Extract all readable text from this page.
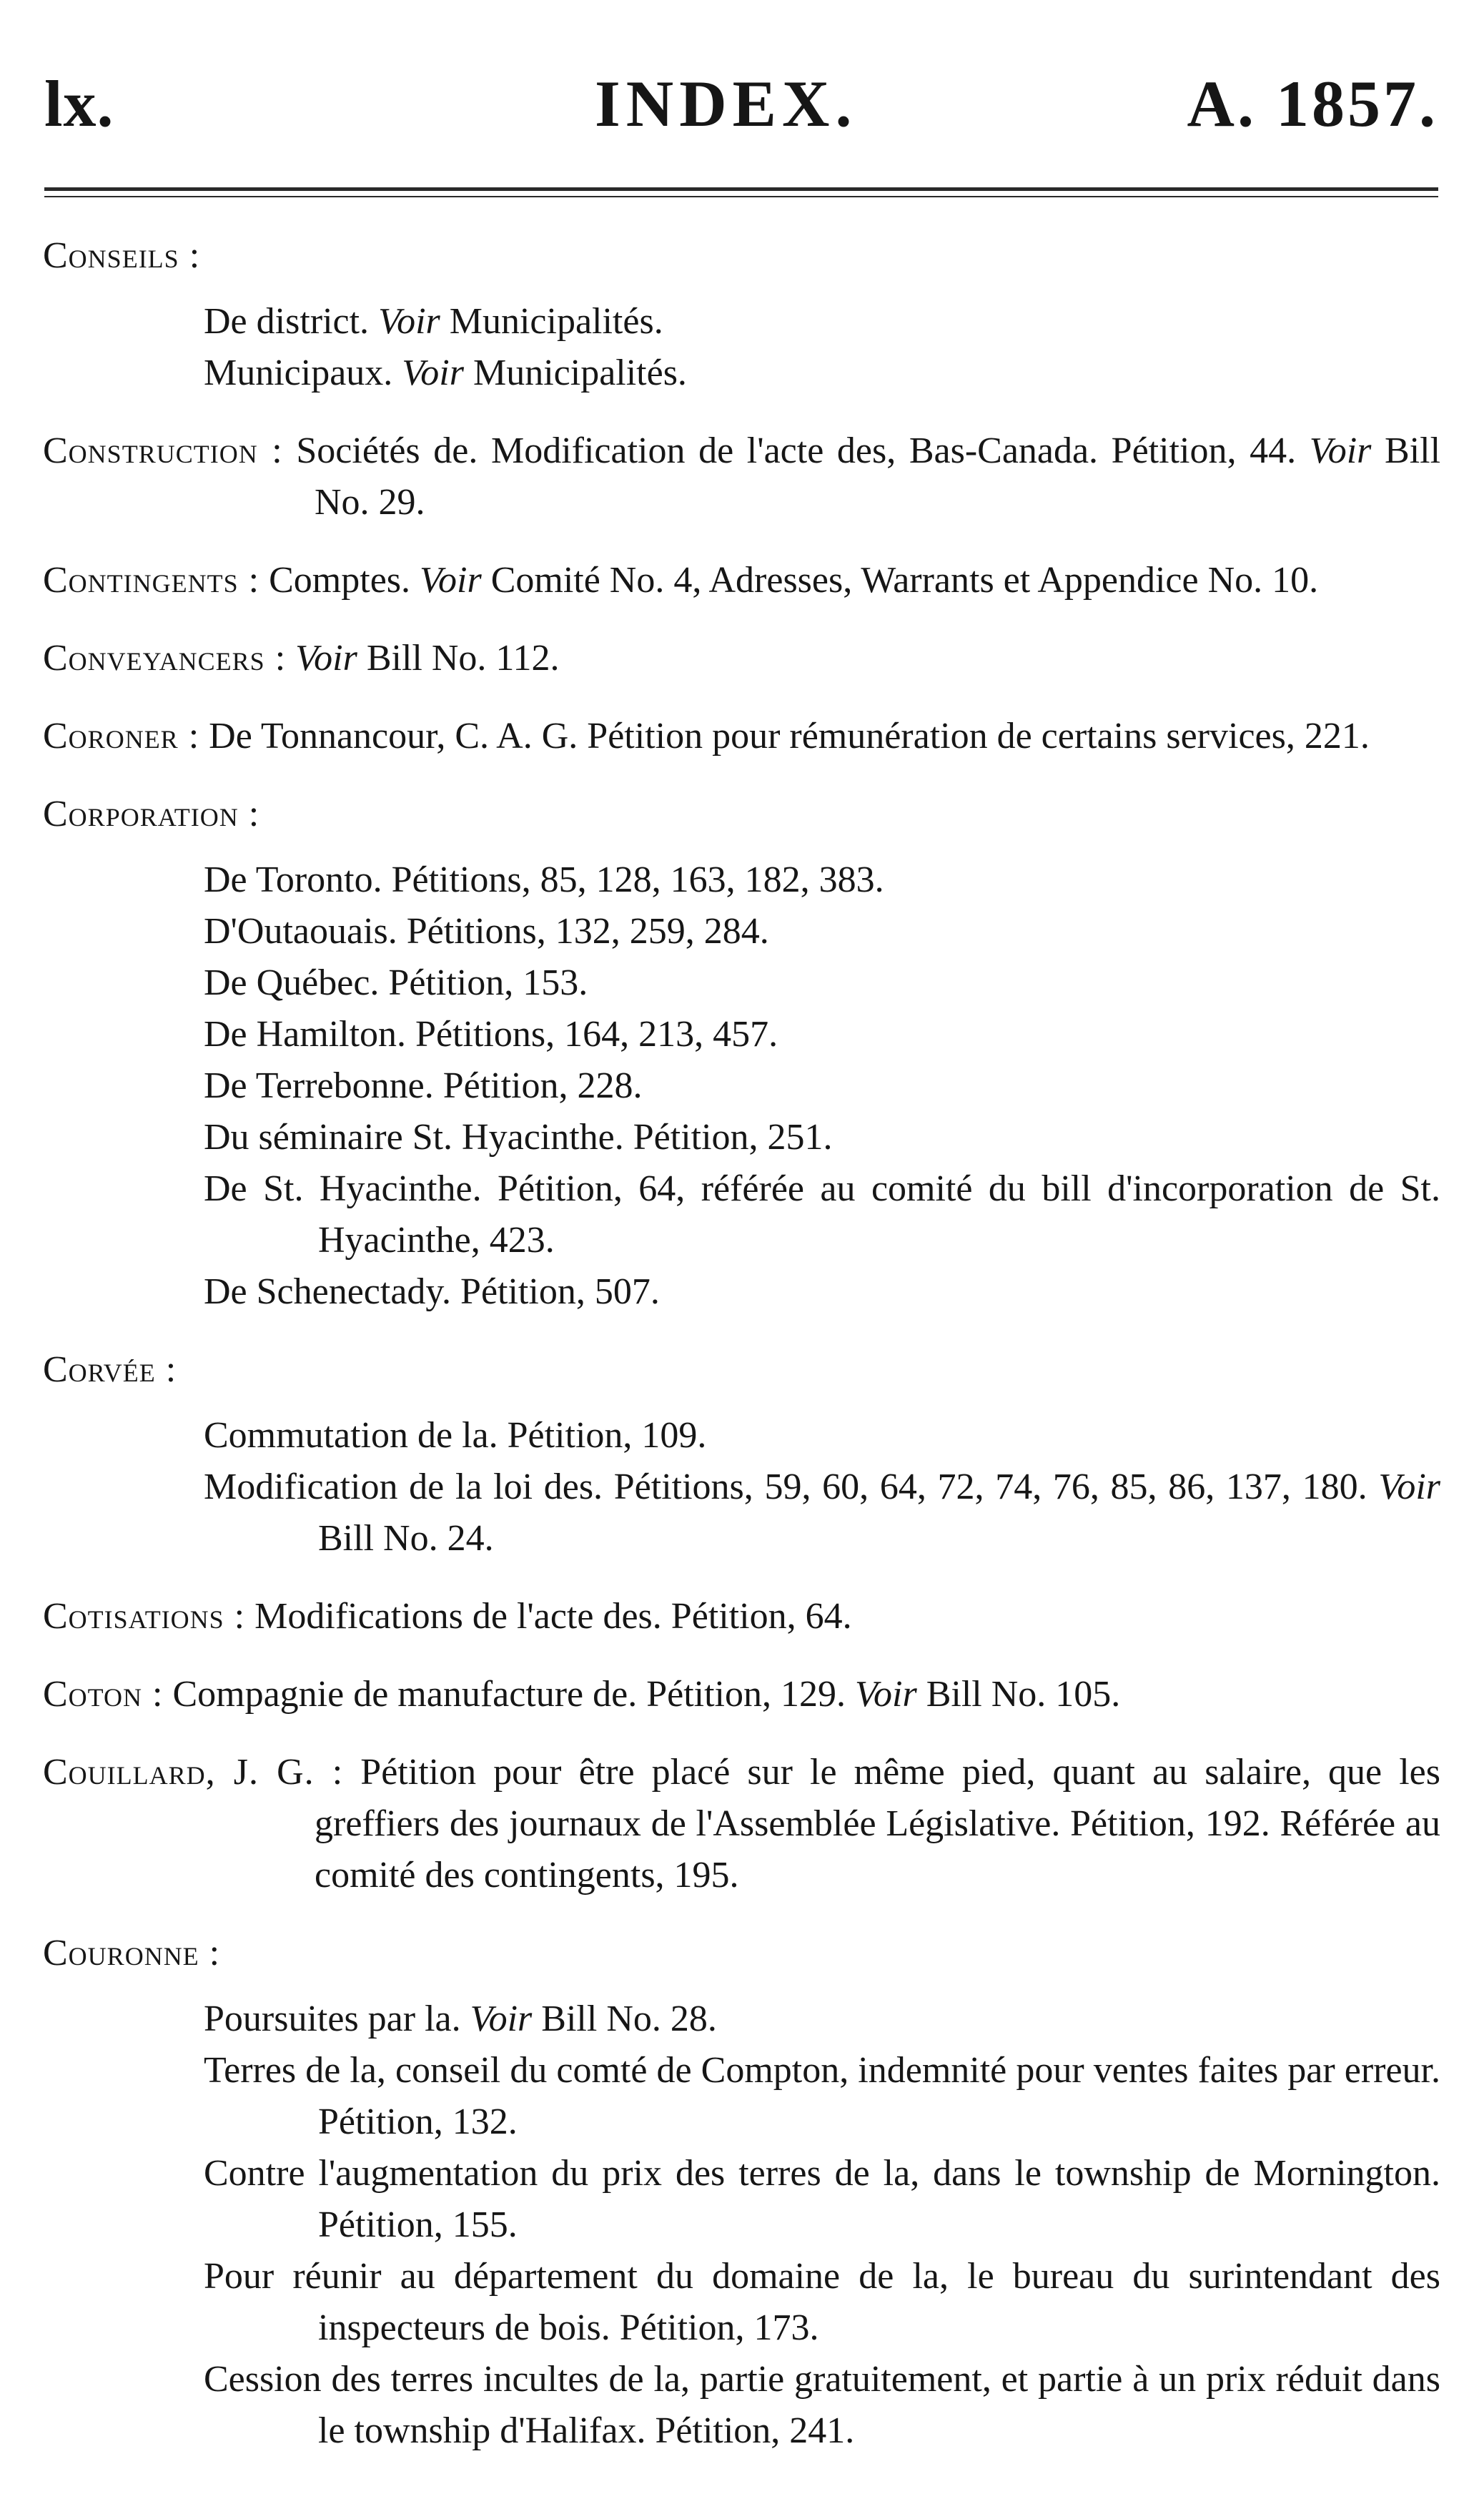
lx.	INDEX.	A. 1857.
Conseils :
De district. Voir Municipalités.
Municipaux. Voir Municipalités.
Construction : Sociétés de. Modification de l'acte des, Bas-Canada. Pétition, 44. Voir Bill No. 29.
Contingents : Comptes. Voir Comité No. 4, Adresses, Warrants et Appendice No. 10.
Conveyancers : Voir Bill No. 112.
Coroner : De Tonnancour, C. A. G. Pétition pour rémunération de certains services, 221.
Corporation :
De Toronto. Pétitions, 85, 128, 163, 182, 383.
D'Outaouais. Pétitions, 132, 259, 284.
De Québec. Pétition, 153.
De Hamilton. Pétitions, 164, 213, 457.
De Terrebonne. Pétition, 228.
Du séminaire St. Hyacinthe. Pétition, 251.
De St. Hyacinthe. Pétition, 64, référée au comité du bill d'incorporation de St. Hyacinthe, 423.
De Schenectady. Pétition, 507.
Corvée :
Commutation de la. Pétition, 109.
Modification de la loi des. Pétitions, 59, 60, 64, 72, 74, 76, 85, 86, 137, 180. Voir Bill No. 24.
Cotisations : Modifications de l'acte des. Pétition, 64.
Coton : Compagnie de manufacture de. Pétition, 129. Voir Bill No. 105.
Couillard, J. G. : Pétition pour être placé sur le même pied, quant au salaire, que les greffiers des journaux de l'Assemblée Législative. Pétition, 192. Référée au comité des contingents, 195.
Couronne :
Poursuites par la. Voir Bill No. 28.
Terres de la, conseil du comté de Compton, indemnité pour ventes faites par erreur. Pétition, 132.
Contre l'augmentation du prix des terres de la, dans le township de Mornington. Pétition, 155.
Pour réunir au département du domaine de la, le bureau du surintendant des inspecteurs de bois. Pétition, 173.
Cession des terres incultes de la, partie gratuitement, et partie à un prix réduit dans le township d'Halifax. Pétition, 241.
